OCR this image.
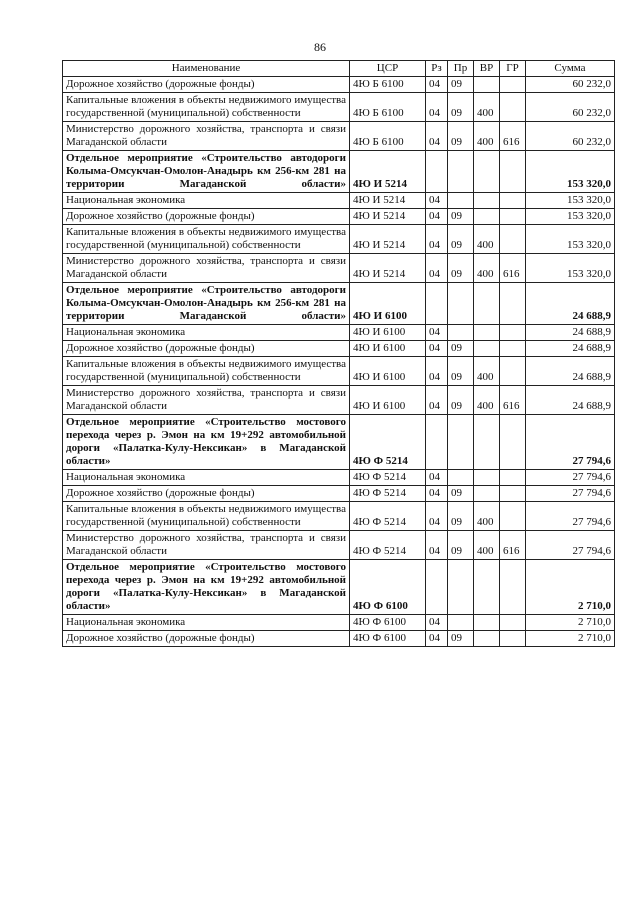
86
Наименование	ЦСР	Рз	Пр	ВР	ГР	Сумма
Дорожное хозяйство (дорожные фонды)	4Ю Б 6100	04	09			60 232,0
Капитальные вложения в объекты недвижимого имущества государственной (муниципальной) собственности	4Ю Б 6100	04	09	400		60 232,0
Министерство дорожного хозяйства, транспорта и связи Магаданской области	4Ю Б 6100	04	09	400	616	60 232,0
Отдельное мероприятие «Строительство автодороги Колыма-Омсукчан-Омолон-Анадырь км 256-км 281 на территории Магаданской области»	4Ю И 5214					153 320,0
Национальная экономика	4Ю И 5214	04				153 320,0
Дорожное хозяйство (дорожные фонды)	4Ю И 5214	04	09			153 320,0
Капитальные вложения в объекты недвижимого имущества государственной (муниципальной) собственности	4Ю И 5214	04	09	400		153 320,0
Министерство дорожного хозяйства, транспорта и связи Магаданской области	4Ю И 5214	04	09	400	616	153 320,0
Отдельное мероприятие «Строительство автодороги Колыма-Омсукчан-Омолон-Анадырь км 256-км 281 на территории Магаданской области»	4Ю И 6100					24 688,9
Национальная экономика	4Ю И 6100	04				24 688,9
Дорожное хозяйство (дорожные фонды)	4Ю И 6100	04	09			24 688,9
Капитальные вложения в объекты недвижимого имущества государственной (муниципальной) собственности	4Ю И 6100	04	09	400		24 688,9
Министерство дорожного хозяйства, транспорта и связи Магаданской области	4Ю И 6100	04	09	400	616	24 688,9
Отдельное мероприятие «Строительство мостового перехода через р. Эмон на км 19+292 автомобильной дороги «Палатка-Кулу-Нексикан» в Магаданской области»	4Ю Ф 5214					27 794,6
Национальная экономика	4Ю Ф 5214	04				27 794,6
Дорожное хозяйство (дорожные фонды)	4Ю Ф 5214	04	09			27 794,6
Капитальные вложения в объекты недвижимого имущества государственной (муниципальной) собственности	4Ю Ф 5214	04	09	400		27 794,6
Министерство дорожного хозяйства, транспорта и связи Магаданской области	4Ю Ф 5214	04	09	400	616	27 794,6
Отдельное мероприятие «Строительство мостового перехода через р. Эмон на км 19+292 автомобильной дороги «Палатка-Кулу-Нексикан» в Магаданской области»	4Ю Ф 6100					2 710,0
Национальная экономика	4Ю Ф 6100	04				2 710,0
Дорожное хозяйство (дорожные фонды)	4Ю Ф 6100	04	09			2 710,0
